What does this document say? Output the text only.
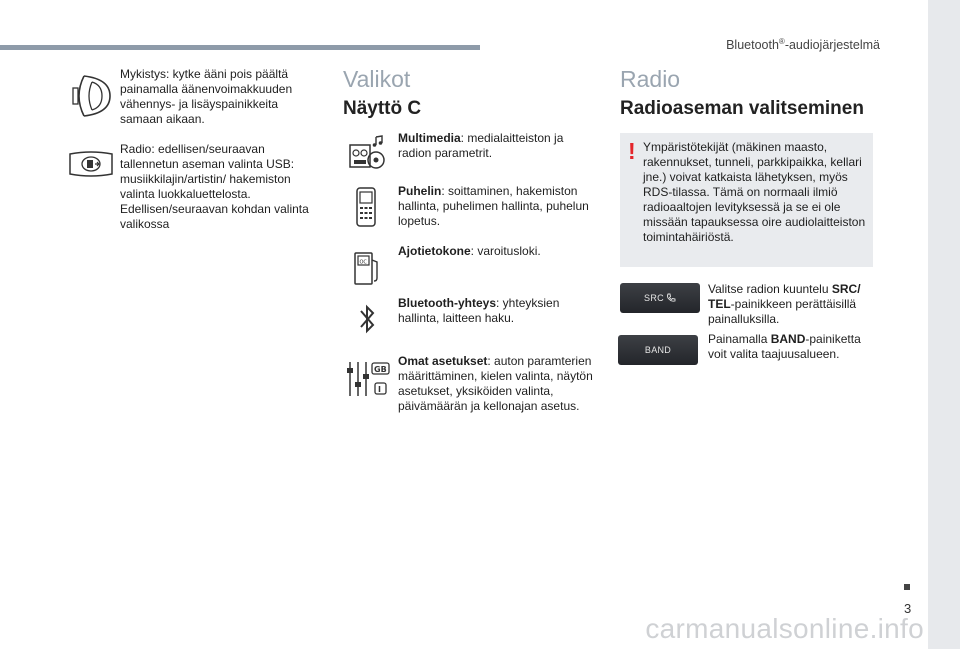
Bluetooth®-audiojärjestelmä
Mykistys: kytke ääni pois päältä painamalla äänenvoimakkuuden vähennys- ja lisäyspainikkeita samaan aikaan.
Radio: edellisen/seuraavan tallennetun aseman valinta USB: musiikkilajin/artistin/ hakemiston valinta luokkaluettelosta. Edellisen/seuraavan kohdan valinta valikossa
Valikot
Näyttö C
Multimedia: medialaitteiston ja radion parametrit.
Puhelin: soittaminen, hakemiston hallinta, puhelimen hallinta, puhelun lopetus.
OC
Ajotietokone: varoitusloki.
Bluetooth-yhteys: yhteyksien hallinta, laitteen haku.
GB
I
Omat asetukset: auton paramterien määrittäminen, kielen valinta, näytön asetukset, yksiköiden valinta, päivämäärän ja kellonajan asetus.
Radio
Radioaseman valitseminen
! Ympäristötekijät (mäkinen maasto, rakennukset, tunneli, parkkipaikka, kellari jne.) voivat katkaista lähetyksen, myös RDS-tilassa. Tämä on normaali ilmiö radioaaltojen levityksessä ja se ei ole missään tapauksessa oire audiolaitteiston toimintahäiriöstä.
SRC
Valitse radion kuuntelu SRC/ TEL-painikkeen perättäisillä painalluksilla.
BAND
Painamalla BAND-painiketta voit valita taajuusalueen.
3
carmanualsonline.info
